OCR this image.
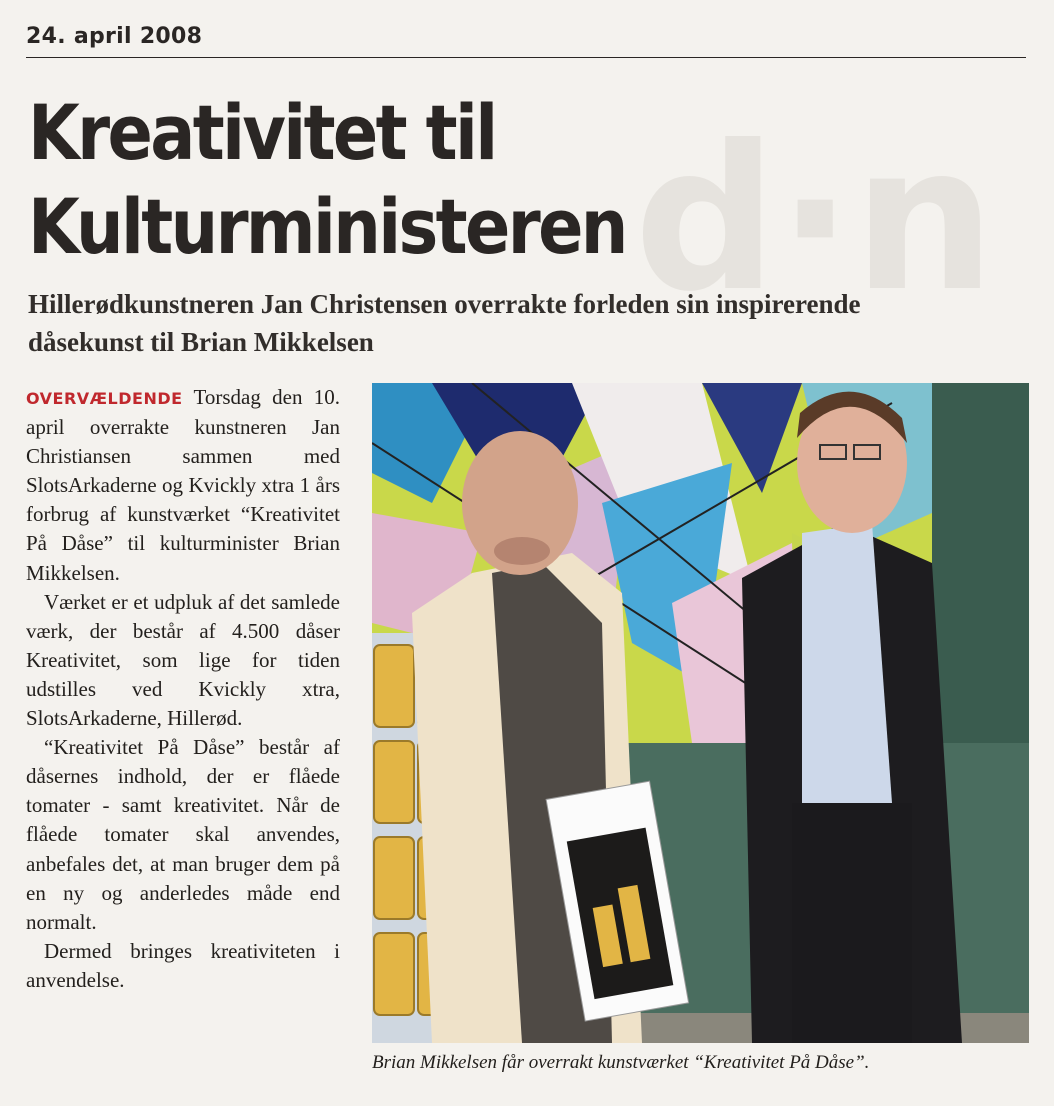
d·n
24. april 2008
Kreativitet til Kulturministeren
Hillerødkunstneren Jan Christensen overrakte forleden sin inspirerende dåsekunst til Brian Mikkelsen

OVERVÆLDENDE Torsdag den 10. april overrakte kunstneren Jan Christiansen sammen med SlotsArkaderne og Kvickly xtra 1 års forbrug af kunstværket “Kreativitet På Dåse” til kulturminister Brian Mikkelsen.

Værket er et udpluk af det samlede værk, der består af 4.500 dåser Kreativitet, som lige for tiden udstilles ved Kvickly xtra, SlotsArkaderne, Hillerød.

“Kreativitet På Dåse” består af dåsernes indhold, der er flåede tomater - samt kreativitet. Når de flåede tomater skal anvendes, anbefales det, at man bruger dem på en ny og anderledes måde end normalt.

Dermed bringes kreativiteten i anvendelse.

Brian Mikkelsen får overrakt kunstværket “Kreativitet På Dåse”.
